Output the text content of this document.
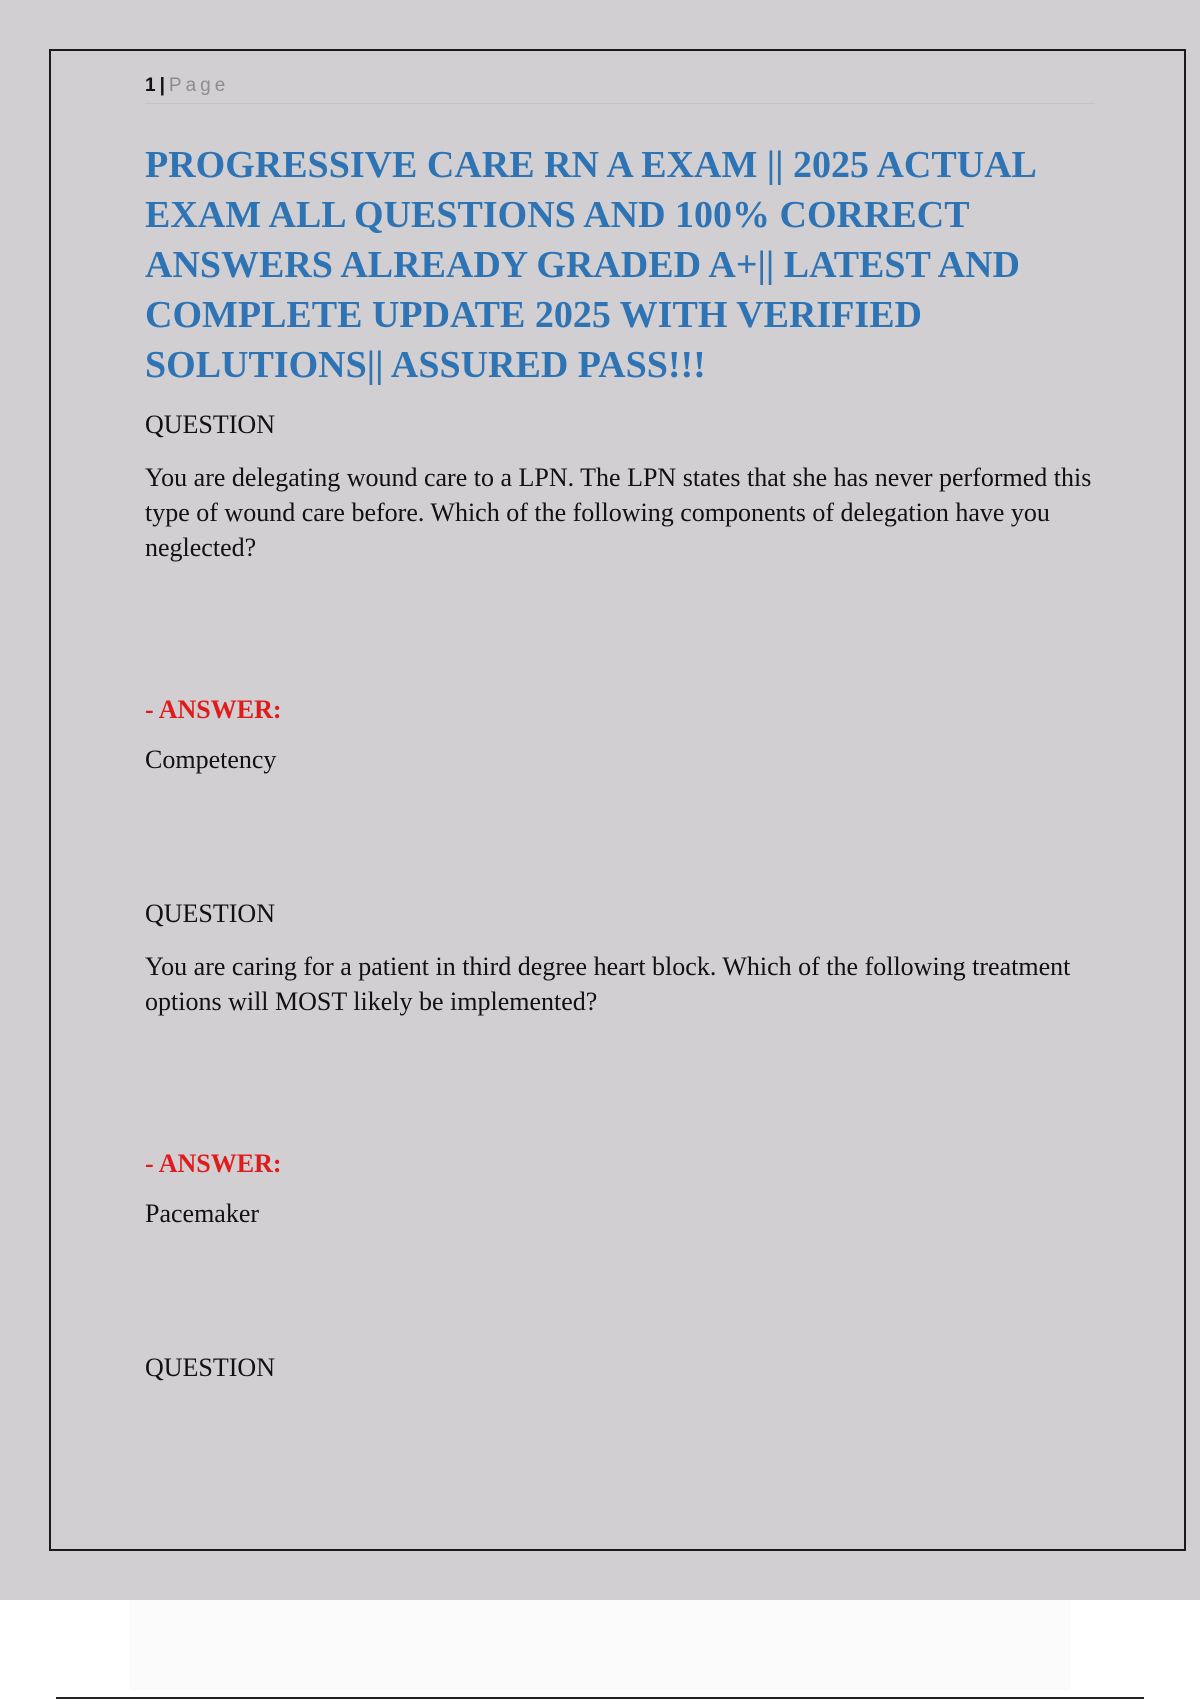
1 | Page
PROGRESSIVE CARE RN A EXAM || 2025 ACTUAL EXAM ALL QUESTIONS AND 100% CORRECT ANSWERS ALREADY GRADED A+|| LATEST AND COMPLETE UPDATE 2025 WITH VERIFIED SOLUTIONS|| ASSURED PASS!!!
QUESTION
You are delegating wound care to a LPN. The LPN states that she has never performed this type of wound care before. Which of the following components of delegation have you neglected?
- ANSWER:
Competency
QUESTION
You are caring for a patient in third degree heart block. Which of the following treatment options will MOST likely be implemented?
- ANSWER:
Pacemaker
QUESTION
